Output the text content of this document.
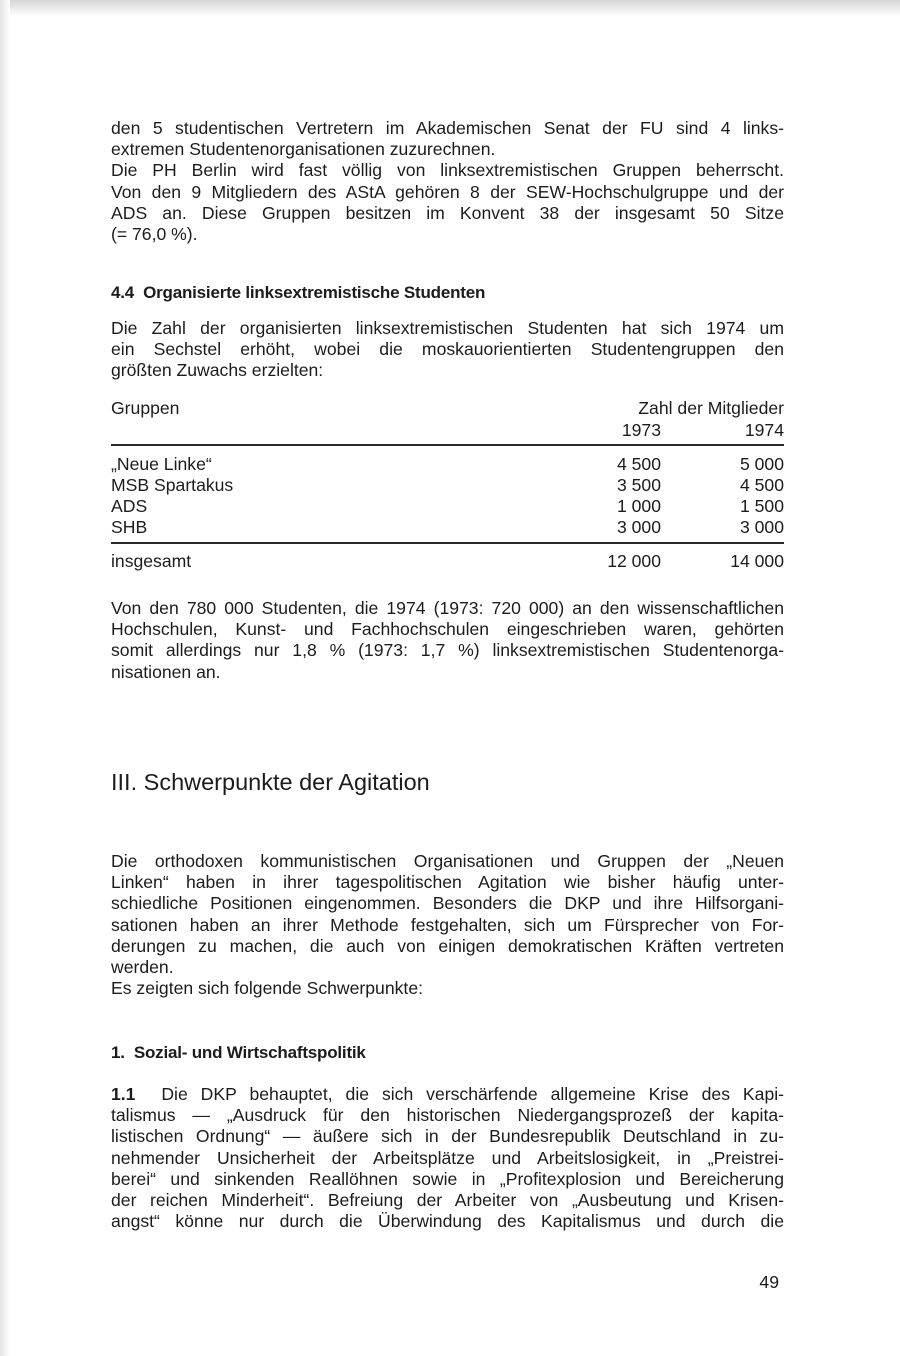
den 5 studentischen Vertretern im Akademischen Senat der FU sind 4 links-

extremen Studentenorganisationen zuzurechnen.

Die PH Berlin wird fast völlig von linksextremistischen Gruppen beherrscht.

Von den 9 Mitgliedern des AStA gehören 8 der SEW-Hochschulgruppe und der

ADS an. Diese Gruppen besitzen im Konvent 38 der insgesamt 50 Sitze

(= 76,0 %).

4.4 Organisierte linksextremistische Studenten

Die Zahl der organisierten linksextremistischen Studenten hat sich 1974 um

ein Sechstel erhöht, wobei die moskauorientierten Studentengruppen den

größten Zuwachs erzielten:

Gruppen	Zahl der Mitglieder
1973	1974
„Neue Linke“	4 500	5 000
MSB Spartakus	3 500	4 500
ADS	1 000	1 500
SHB	3 000	3 000
insgesamt	12 000	14 000

Von den 780 000 Studenten, die 1974 (1973: 720 000) an den wissenschaftlichen

Hochschulen, Kunst- und Fachhochschulen eingeschrieben waren, gehörten

somit allerdings nur 1,8 % (1973: 1,7 %) linksextremistischen Studentenorga-

nisationen an.

III. Schwerpunkte der Agitation

Die orthodoxen kommunistischen Organisationen und Gruppen der „Neuen

Linken“ haben in ihrer tagespolitischen Agitation wie bisher häufig unter-

schiedliche Positionen eingenommen. Besonders die DKP und ihre Hilfsorgani-

sationen haben an ihrer Methode festgehalten, sich um Fürsprecher von For-

derungen zu machen, die auch von einigen demokratischen Kräften vertreten

werden.

Es zeigten sich folgende Schwerpunkte:

1.  Sozial- und Wirtschaftspolitik

1.1 Die DKP behauptet, die sich verschärfende allgemeine Krise des Kapi-

talismus — „Ausdruck für den historischen Niedergangsprozeß der kapita-

listischen Ordnung“ — äußere sich in der Bundesrepublik Deutschland in zu-

nehmender Unsicherheit der Arbeitsplätze und Arbeitslosigkeit, in „Preistrei-

berei“ und sinkenden Reallöhnen sowie in „Profitexplosion und Bereicherung

der reichen Minderheit“. Befreiung der Arbeiter von „Ausbeutung und Krisen-

angst“ könne nur durch die Überwindung des Kapitalismus und durch die

49
